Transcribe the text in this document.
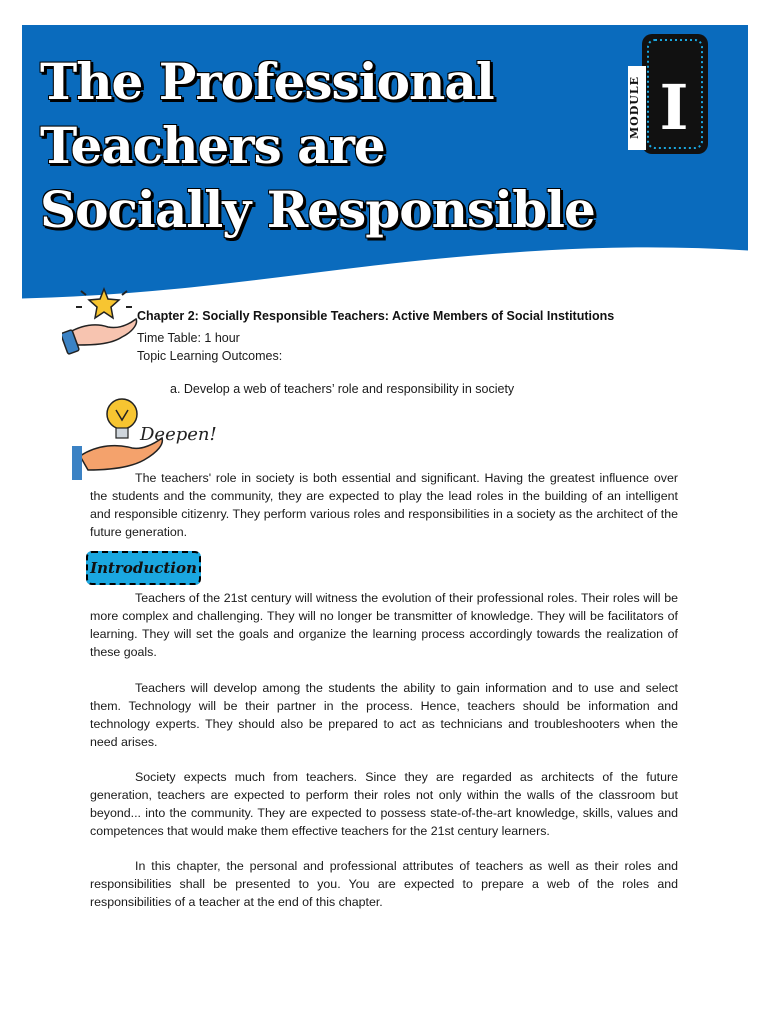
The Professional
Teachers are
Socially Responsible
MODULE I
Chapter 2: Socially Responsible Teachers: Active Members of Social Institutions
Time Table: 1 hour
Topic Learning Outcomes:
a. Develop a web of teachers’ role and responsibility in society
Deepen!

The teachers' role in society is both essential and significant. Having the greatest influence over the students and the community, they are expected to play the lead roles in the building of an intelligent and responsible citizenry. They perform various roles and responsibilities in a society as the architect of the future generation.

Introduction

Teachers of the 21st century will witness the evolution of their professional roles. Their roles will be more complex and challenging. They will no longer be transmitter of knowledge. They will be facilitators of learning. They will set the goals and organize the learning process accordingly towards the realization of these goals.

Teachers will develop among the students the ability to gain information and to use and select them. Technology will be their partner in the process. Hence, teachers should be information and technology experts. They should also be prepared to act as technicians and troubleshooters when the need arises.

Society expects much from teachers. Since they are regarded as architects of the future generation, teachers are expected to perform their roles not only within the walls of the classroom but beyond... into the community. They are expected to possess state-of-the-art knowledge, skills, values and competences that would make them effective teachers for the 21st century learners.

In this chapter, the personal and professional attributes of teachers as well as their roles and responsibilities shall be presented to you. You are expected to prepare a web of the roles and responsibilities of a teacher at the end of this chapter.
